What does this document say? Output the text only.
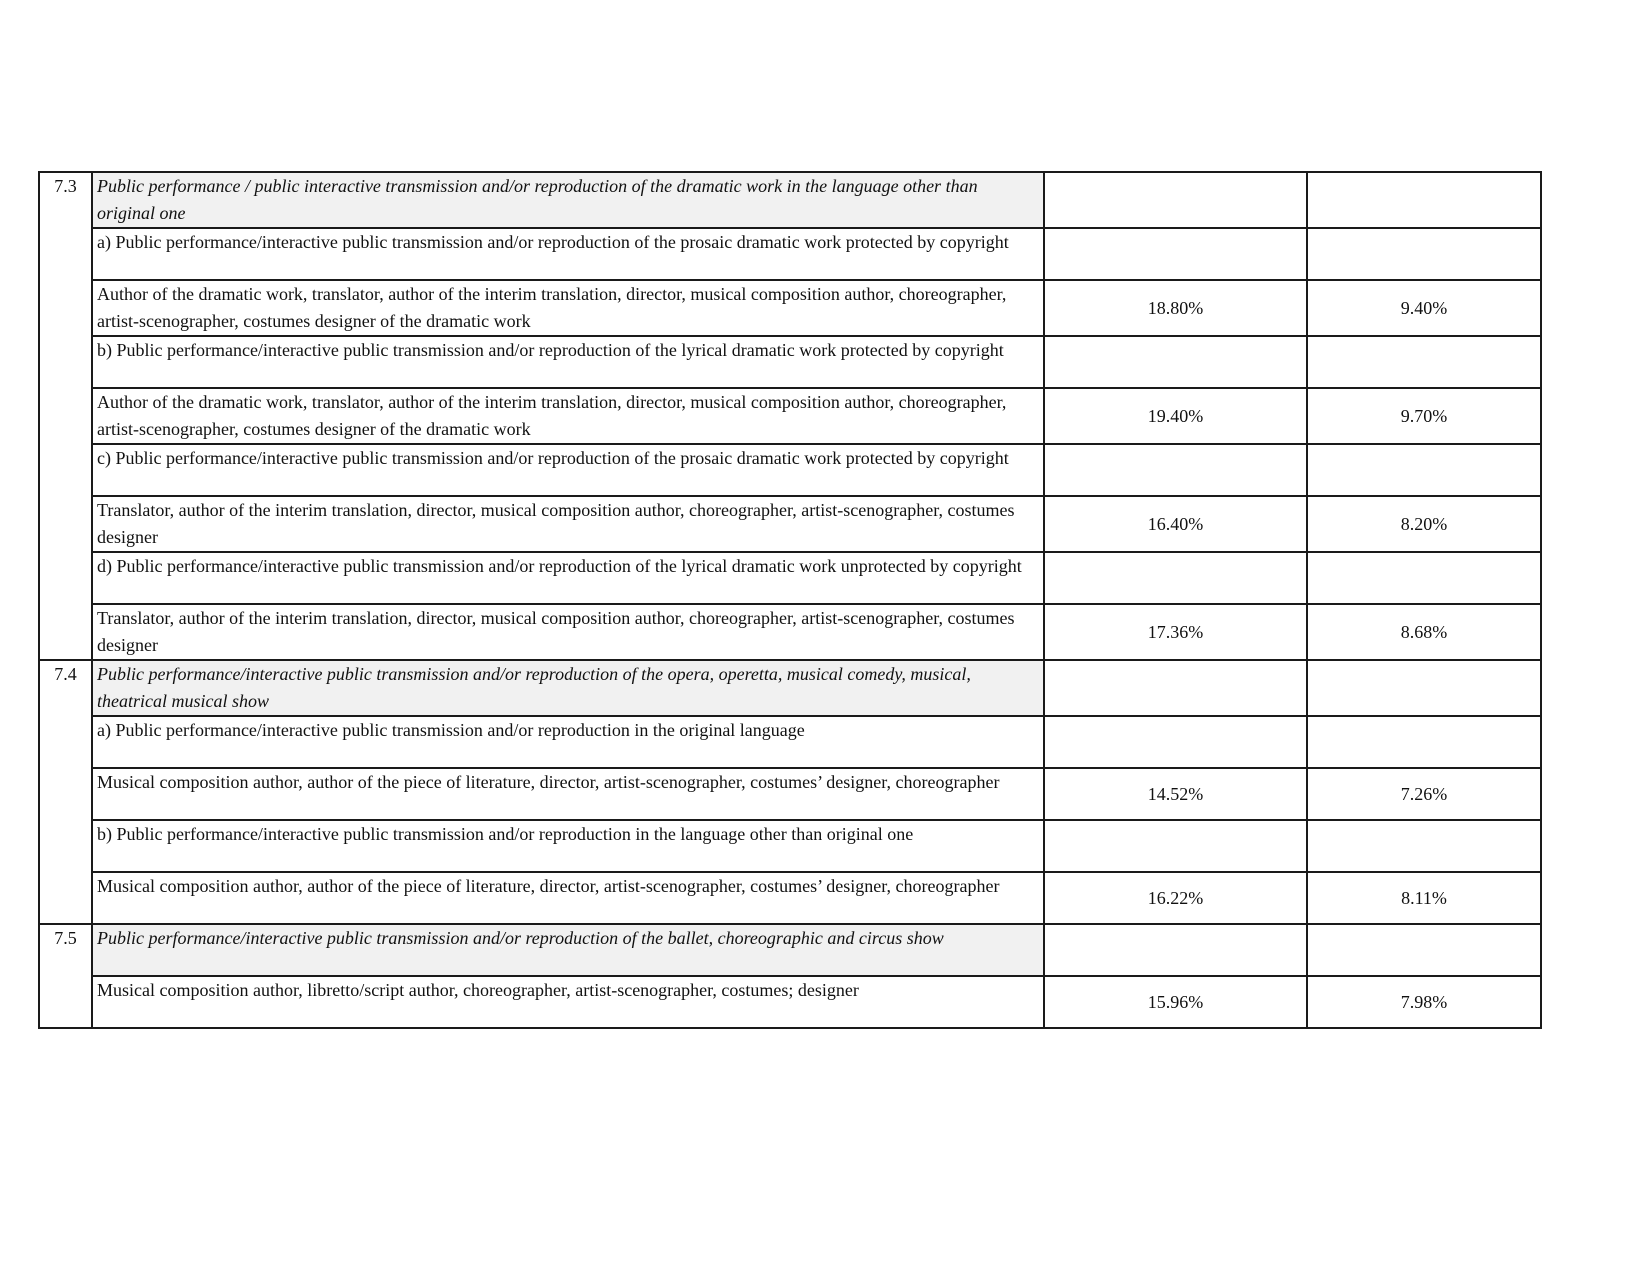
7.3	Public performance / public interactive transmission and/or reproduction of the dramatic work in the language other than original one		
	a) Public performance/interactive public transmission and/or reproduction of the prosaic dramatic work protected by copyright		
	Author of the dramatic work, translator, author of the interim translation, director, musical composition author, choreographer, artist-scenographer, costumes designer of the dramatic work	18.80%	9.40%
	b) Public performance/interactive public transmission and/or reproduction of the lyrical dramatic work protected by copyright		
	Author of the dramatic work, translator, author of the interim translation, director, musical composition author, choreographer, artist-scenographer, costumes designer of the dramatic work	19.40%	9.70%
	c) Public performance/interactive public transmission and/or reproduction of the prosaic dramatic work protected by copyright		
	Translator, author of the interim translation, director, musical composition author, choreographer, artist-scenographer, costumes designer	16.40%	8.20%
	d) Public performance/interactive public transmission and/or reproduction of the lyrical dramatic work unprotected by copyright		
	Translator, author of the interim translation, director, musical composition author, choreographer, artist-scenographer, costumes designer	17.36%	8.68%
7.4	Public performance/interactive public transmission and/or reproduction of the opera, operetta, musical comedy, musical, theatrical musical show		
	a) Public performance/interactive public transmission and/or reproduction in the original language		
	Musical composition author, author of the piece of literature, director, artist-scenographer, costumes’ designer, choreographer	14.52%	7.26%
	b) Public performance/interactive public transmission and/or reproduction in the language other than original one		
	Musical composition author, author of the piece of literature, director, artist-scenographer, costumes’ designer, choreographer	16.22%	8.11%
7.5	Public performance/interactive public transmission and/or reproduction of the ballet, choreographic and circus show		
	Musical composition author, libretto/script author, choreographer, artist-scenographer, costumes; designer	15.96%	7.98%
